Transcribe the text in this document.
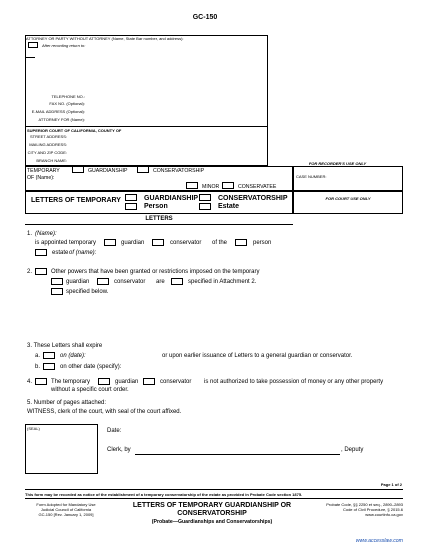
GC-150
ATTORNEY OR PARTY WITHOUT ATTORNEY (Name, State Bar number, and address):
After recording return to:
TELEPHONE NO.:
FAX NO. (Optional):
E-MAIL ADDRESS (Optional):
ATTORNEY FOR (Name):
SUPERIOR COURT OF CALIFORNIA, COUNTY OF
STREET ADDRESS:
MAILING ADDRESS:
CITY AND ZIP CODE:
BRANCH NAME:
FOR RECORDER'S USE ONLY
TEMPORARY	GUARDIANSHIP	CONSERVATORSHIP
OF (Name):
MINOR	CONSERVATEE
CASE NUMBER:
LETTERS OF TEMPORARY	GUARDIANSHIP	CONSERVATORSHIP
Person	Estate
FOR COURT USE ONLY
LETTERS
1. (Name):
is appointed temporary	guardian	conservator of the	person
estate of (name):
2.	Other powers that have been granted or restrictions imposed on the temporary
guardian	conservator are	specified in Attachment 2.
specified below.
3. These Letters shall expire
a.	on (date):	or upon earlier issuance of Letters to a general guardian or conservator.
b.	on other date (specify):
4.	The temporary	guardian	conservator is not authorized to take possession of money or any other property
without a specific court order.
5. Number of pages attached:
WITNESS, clerk of the court, with seal of the court affixed.
(SEAL)	Date:
Clerk, by	, Deputy
Page 1 of 2
This form may be recorded as notice of the establishment of a temporary conservatorship of the estate as provided in Probate Code section 1875.
Form Adopted for Mandatory Use
Judicial Council of California
GC-150 [Rev. January 1, 2009]
LETTERS OF TEMPORARY GUARDIANSHIP OR
CONSERVATORSHIP
(Probate—Guardianships and Conservatorships)
Probate Code, §§ 2250 et seq., 2890–2893
Code of Civil Procedure, § 2015.6
www.courtinfo.ca.gov
www.accesslaw.com
